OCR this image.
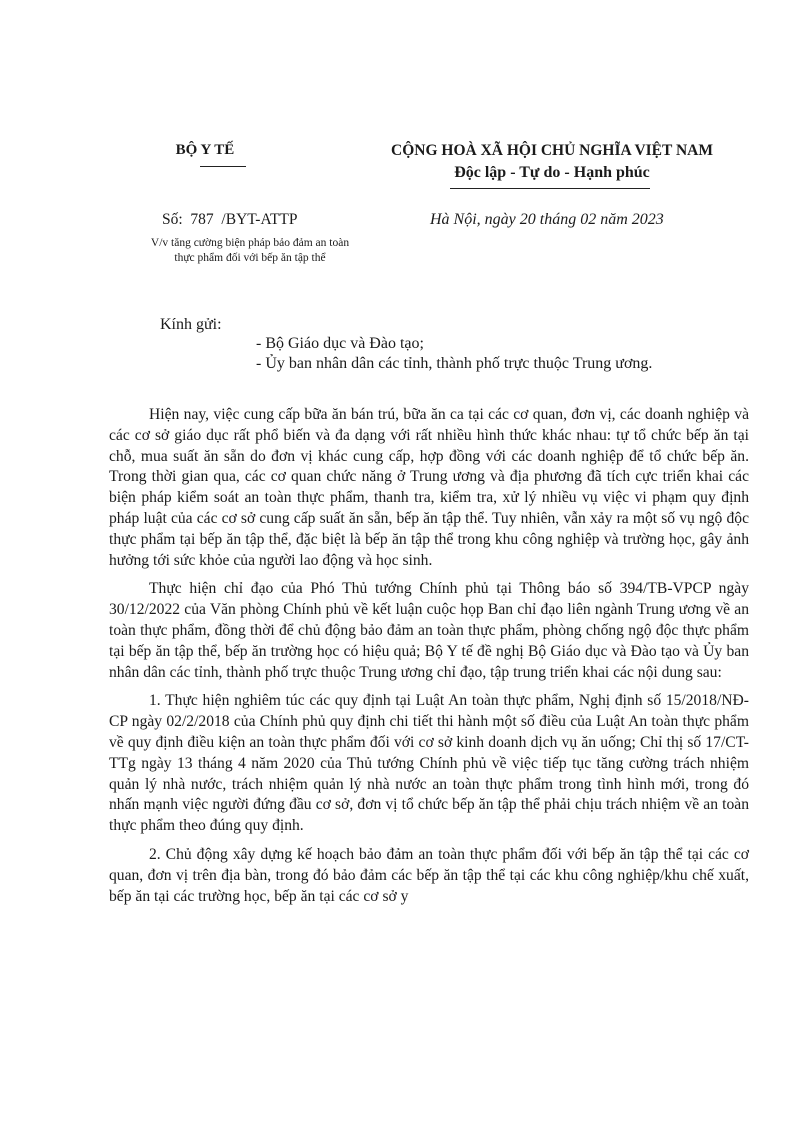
BỘ Y TẾ	CỘNG HOÀ XÃ HỘI CHỦ NGHĨA VIỆT NAM
Độc lập - Tự do - Hạnh phúc
Số:  787  /BYT-ATTP	Hà Nội, ngày 20 tháng 02 năm 2023
V/v tăng cường biện pháp bảo đảm an toàn
thực phẩm đối với bếp ăn tập thể
Kính gửi:
- Bộ Giáo dục và Đào tạo;
- Ủy ban nhân dân các tỉnh, thành phố trực thuộc Trung ương.

Hiện nay, việc cung cấp bữa ăn bán trú, bữa ăn ca tại các cơ quan, đơn vị, các doanh nghiệp và các cơ sở giáo dục rất phổ biến và đa dạng với rất nhiều hình thức khác nhau: tự tổ chức bếp ăn tại chỗ, mua suất ăn sẵn do đơn vị khác cung cấp, hợp đồng với các doanh nghiệp để tổ chức bếp ăn. Trong thời gian qua, các cơ quan chức năng ở Trung ương và địa phương đã tích cực triển khai các biện pháp kiểm soát an toàn thực phẩm, thanh tra, kiểm tra, xử lý nhiều vụ việc vi phạm quy định pháp luật của các cơ sở cung cấp suất ăn sẵn, bếp ăn tập thể. Tuy nhiên, vẫn xảy ra một số vụ ngộ độc thực phẩm tại bếp ăn tập thể, đặc biệt là bếp ăn tập thể trong khu công nghiệp và trường học, gây ảnh hưởng tới sức khỏe của người lao động và học sinh.

Thực hiện chỉ đạo của Phó Thủ tướng Chính phủ tại Thông báo số 394/TB-VPCP ngày 30/12/2022 của Văn phòng Chính phủ về kết luận cuộc họp Ban chỉ đạo liên ngành Trung ương về an toàn thực phẩm, đồng thời để chủ động bảo đảm an toàn thực phẩm, phòng chống ngộ độc thực phẩm tại bếp ăn tập thể, bếp ăn trường học có hiệu quả; Bộ Y tế đề nghị Bộ Giáo dục và Đào tạo và Ủy ban nhân dân các tỉnh, thành phố trực thuộc Trung ương chỉ đạo, tập trung triển khai các nội dung sau:

1. Thực hiện nghiêm túc các quy định tại Luật An toàn thực phẩm, Nghị định số 15/2018/NĐ-CP ngày 02/2/2018 của Chính phủ quy định chi tiết thi hành một số điều của Luật An toàn thực phẩm về quy định điều kiện an toàn thực phẩm đối với cơ sở kinh doanh dịch vụ ăn uống; Chỉ thị số 17/CT-TTg ngày 13 tháng 4 năm 2020 của Thủ tướng Chính phủ về việc tiếp tục tăng cường trách nhiệm quản lý nhà nước, trách nhiệm quản lý nhà nước an toàn thực phẩm trong tình hình mới, trong đó nhấn mạnh việc người đứng đầu cơ sở, đơn vị tổ chức bếp ăn tập thể phải chịu trách nhiệm về an toàn thực phẩm theo đúng quy định.

2. Chủ động xây dựng kế hoạch bảo đảm an toàn thực phẩm đối với bếp ăn tập thể tại các cơ quan, đơn vị trên địa bàn, trong đó bảo đảm các bếp ăn tập thể tại các khu công nghiệp/khu chế xuất, bếp ăn tại các trường học, bếp ăn tại các cơ sở y
